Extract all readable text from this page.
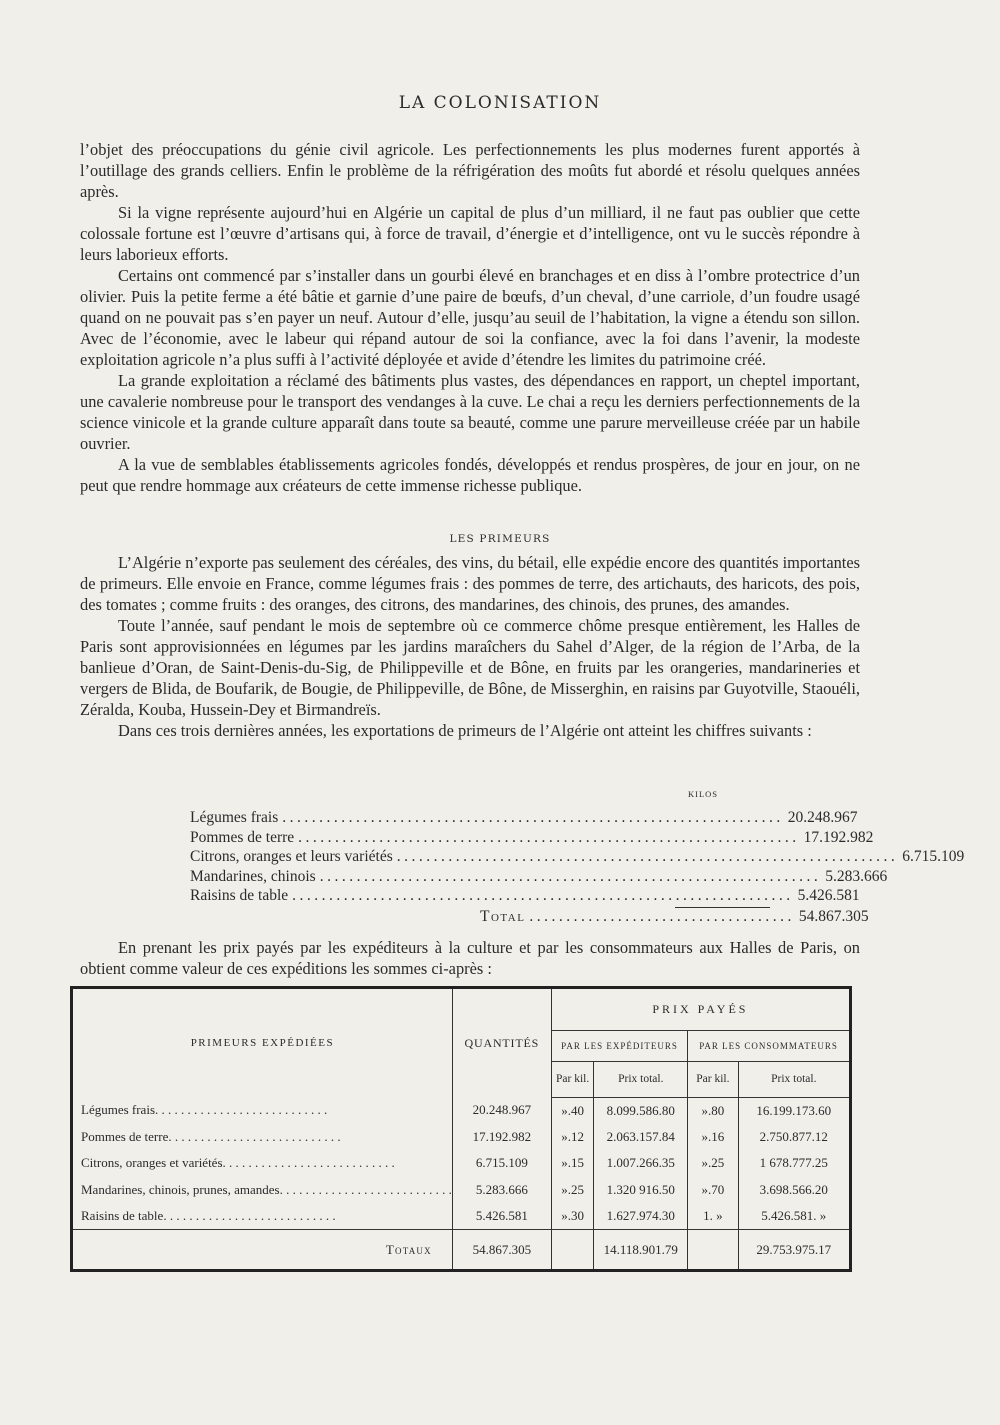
LA COLONISATION

l’objet des préoccupations du génie civil agricole. Les perfectionnements les plus modernes furent apportés à l’outillage des grands celliers. Enfin le problème de la réfrigération des moûts fut abordé et résolu quelques années après.

Si la vigne représente aujourd’hui en Algérie un capital de plus d’un milliard, il ne faut pas oublier que cette colossale fortune est l’œuvre d’artisans qui, à force de travail, d’énergie et d’intelligence, ont vu le succès répondre à leurs laborieux efforts.

Certains ont commencé par s’installer dans un gourbi élevé en branchages et en diss à l’ombre protectrice d’un olivier. Puis la petite ferme a été bâtie et garnie d’une paire de bœufs, d’un cheval, d’une carriole, d’un foudre usagé quand on ne pouvait pas s’en payer un neuf. Autour d’elle, jusqu’au seuil de l’habitation, la vigne a étendu son sillon. Avec de l’économie, avec le labeur qui répand autour de soi la confiance, avec la foi dans l’avenir, la modeste exploitation agricole n’a plus suffi à l’activité déployée et avide d’étendre les limites du patrimoine créé.

La grande exploitation a réclamé des bâtiments plus vastes, des dépendances en rapport, un cheptel important, une cavalerie nombreuse pour le transport des vendanges à la cuve. Le chai a reçu les derniers perfectionnements de la science vinicole et la grande culture apparaît dans toute sa beauté, comme une parure merveilleuse créée par un habile ouvrier.

A la vue de semblables établissements agricoles fondés, développés et rendus prospères, de jour en jour, on ne peut que rendre hommage aux créateurs de cette immense richesse publique.

LES PRIMEURS

L’Algérie n’exporte pas seulement des céréales, des vins, du bétail, elle expédie encore des quantités importantes de primeurs. Elle envoie en France, comme légumes frais : des pommes de terre, des artichauts, des haricots, des pois, des tomates ; comme fruits : des oranges, des citrons, des mandarines, des chinois, des prunes, des amandes.

Toute l’année, sauf pendant le mois de septembre où ce commerce chôme presque entièrement, les Halles de Paris sont approvisionnées en légumes par les jardins maraîchers du Sahel d’Alger, de la région de l’Arba, de la banlieue d’Oran, de Saint-Denis-du-Sig, de Philippeville et de Bône, en fruits par les orangeries, mandarineries et vergers de Blida, de Boufarik, de Bougie, de Philippeville, de Bône, de Misserghin, en raisins par Guyotville, Staouéli, Zéralda, Kouba, Hussein-Dey et Birmandreïs.

Dans ces trois dernières années, les exportations de primeurs de l’Algérie ont atteint les chiffres suivants :

KILOS
Légumes frais .................................................................... 20.248.967
Pommes de terre .................................................................... 17.192.982
Citrons, oranges et leurs variétés .................................................................... 6.715.109
Mandarines, chinois .................................................................... 5.283.666
Raisins de table .................................................................... 5.426.581
Total .................................... 54.867.305

En prenant les prix payés par les expéditeurs à la culture et par les consommateurs aux Halles de Paris, on obtient comme valeur de ces expéditions les sommes ci-après :

PRIMEURS EXPÉDIÉES	QUANTITÉS	PRIX PAYÉS			
		PAR LES EXPÉDITEURS		PAR LES CONSOMMATEURS	
		Par kil.	Prix total.	Par kil.	Prix total.
Légumes frais. . . . . . . . . . . . . . . . . . . . . . . . . . .	20.248.967	».40	8.099.586.80	».80	16.199.173.60
Pommes de terre. . . . . . . . . . . . . . . . . . . . . . . . . . .	17.192.982	».12	2.063.157.84	».16	2.750.877.12
Citrons, oranges et variétés. . . . . . . . . . . . . . . . . . . . . . . . . . .	6.715.109	».15	1.007.266.35	».25	1 678.777.25
Mandarines, chinois, prunes, amandes. . . . . . . . . . . . . . . . . . . . . . . . . . .	5.283.666	».25	1.320 916.50	».70	3.698.566.20
Raisins de table. . . . . . . . . . . . . . . . . . . . . . . . . . .	5.426.581	».30	1.627.974.30	1. »	5.426.581. »
Totaux	54.867.305		14.118.901.79		29.753.975.17
